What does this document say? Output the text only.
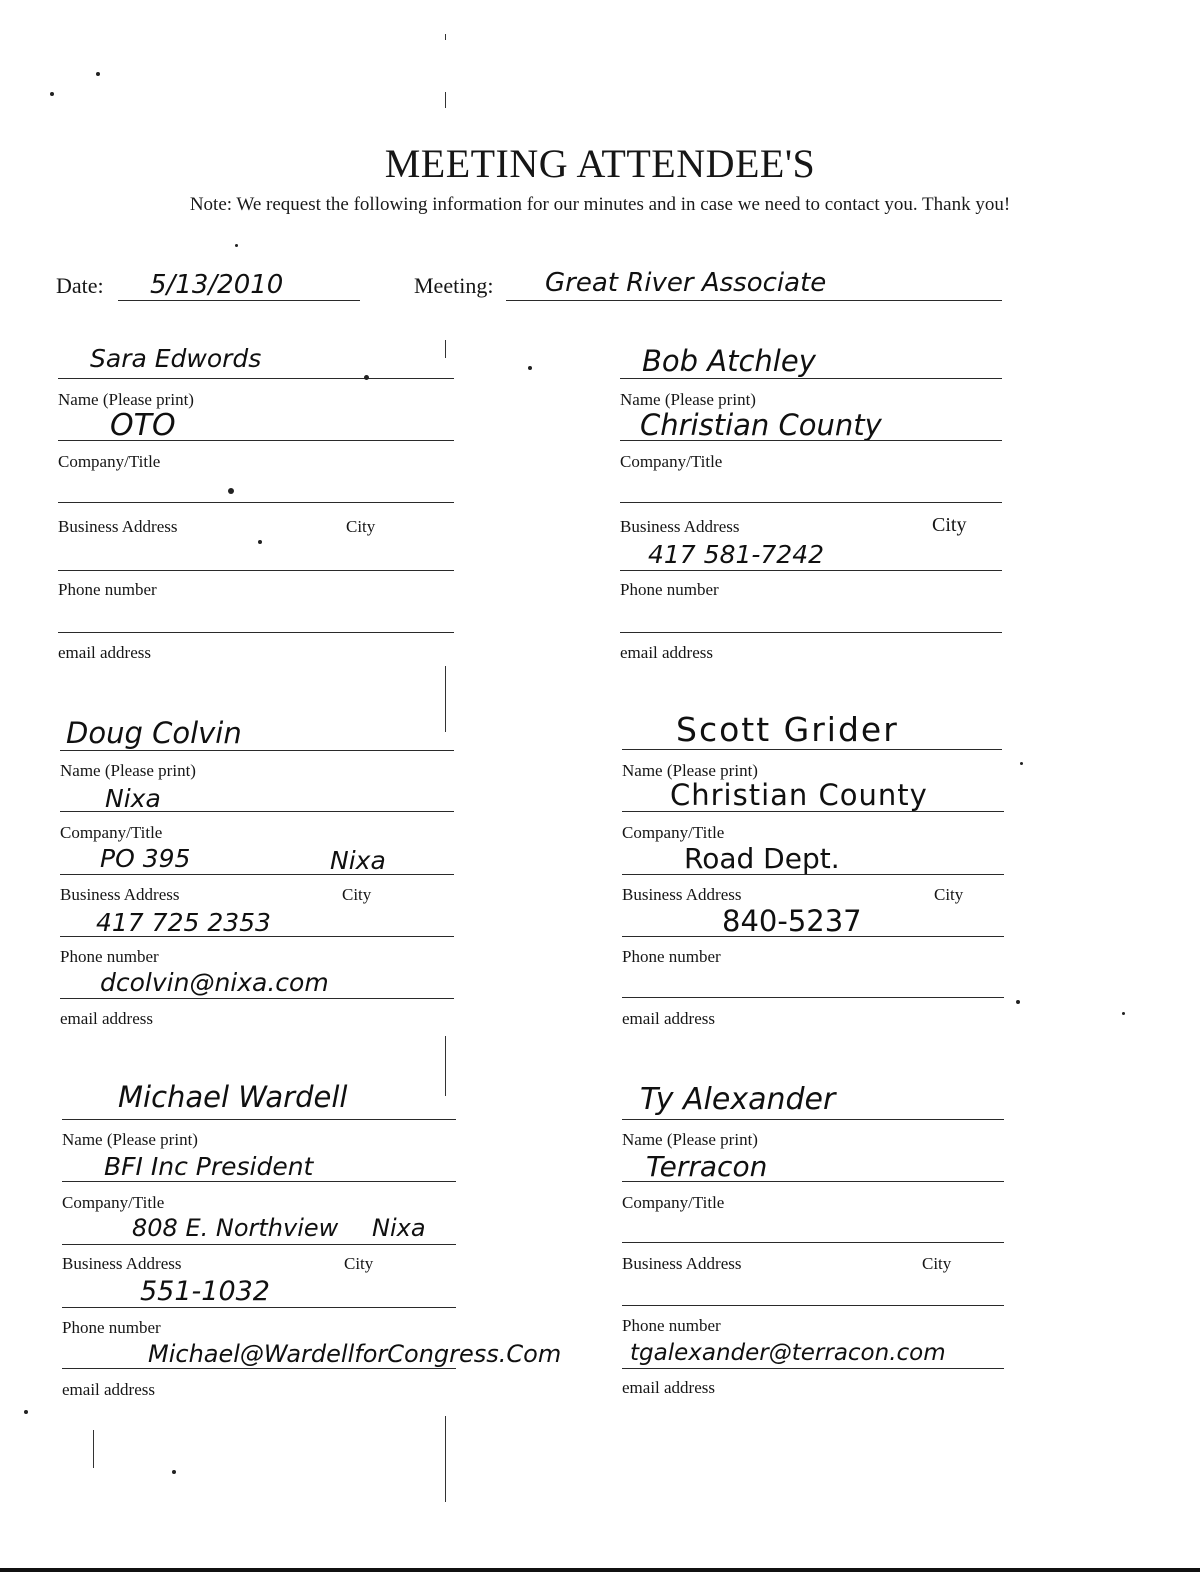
MEETING ATTENDEE'S
Note: We request the following information for our minutes and in case we need to contact you. Thank you!
Date: 5/13/2010	Meeting: Great River Associate
Sara Edwords
Name (Please print)
OTO
Company/Title
Business Address	City
Phone number
email address
Doug Colvin
Name (Please print)
Nixa
Company/Title
PO 395	Nixa
Business Address	City
417 725 2353
Phone number
dcolvin@nixa.com
email address
Michael Wardell
Name (Please print)
BFI Inc President
Company/Title
808 E. Northview Nixa
Business Address	City
551-1032
Phone number
Michael@WardellforCongress.Com
email address
Bob Atchley
Name (Please print)
Christian County
Company/Title
Business Address	City
417 581-7242
Phone number
email address
Scott Grider
Name (Please print)
Christian County
Company/Title
Road Dept.
Business Address	City
840-5237
Phone number
email address
Ty Alexander
Name (Please print)
Terracon
Company/Title
Business Address	City
Phone number
tgalexander@terracon.com
email address
